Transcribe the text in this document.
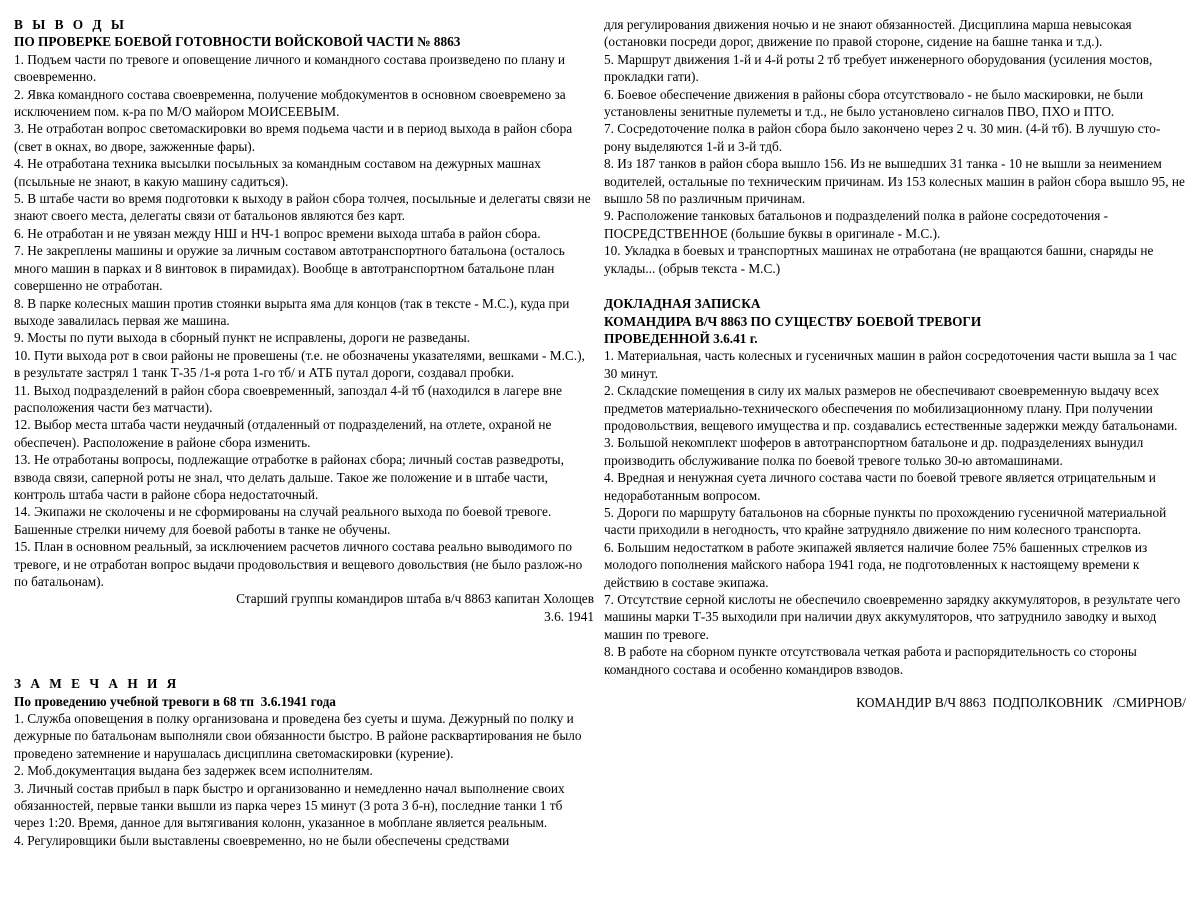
В Ы В О Д Ы
ПО ПРОВЕРКЕ БОЕВОЙ ГОТОВНОСТИ ВОЙСКОВОЙ ЧАСТИ № 8863

1. Подъем части по тревоге и оповещение личного и командного состава произведено по плану и своевременно.

2. Явка командного состава своевременна, получение мобдокументов в основном своевремено за исключением пом. к-ра по М/О майором МОИСЕЕВЫМ.

3. Не отработан вопрос светомаскировки во время подьема части и в период выхода в район сбора (свет в окнах, во дворе, зажженные фары).

4. Не отработана техника высылки посыльных за командным составом на дежурных машнах (псыльные не знают, в какую машину садиться).

5. В штабе части во время подготовки к выходу в район сбора толчея, посыльные и делегаты связи не знают своего места, делегаты связи от батальонов являются без карт.

6. Не отработан и не увязан между НШ и НЧ-1 вопрос времени выхода штаба в район сбора.

7. Не закреплены машины и оружие за личным составом автотранспортного батальона (осталось много машин в парках и 8 винтовок в пирамидах). Вообще в автотранспортном батальоне план совершенно не отработан.

8. В парке колесных машин против стоянки вырыта яма для концов (так в тексте - М.С.), куда при выходе завалилась первая же машина.

9. Мосты по пути выхода в сборный пункт не исправлены, дороги не разведаны.

10. Пути выхода рот в свои районы не провешены (т.е. не обозначены указателями, вешками - М.С.), в результате застрял 1 танк Т-35 /1-я рота 1-го тб/ и АТБ путал дороги, создавал пробки.

11. Выход подразделений в район сбора своевременный, запоздал 4-й тб (находился в лагере вне расположения части без матчасти).

12. Выбор места штаба части неудачный (отдаленный от подразделений, на отлете, охраной не обеспечен). Расположение в районе сбора изменить.

13. Не отработаны вопросы, подлежащие отработке в районах сбора; личный состав разведроты, взвода связи, саперной роты не знал, что делать дальше. Такое же положение и в штабе части, контроль штаба части в районе сбора недостаточный.

14. Экипажи не сколочены и не сформированы на случай реального выхода по боевой тревоге. Башенные стрелки ничему для боевой работы в танке не обучены.

15. План в основном реальный, за исключением расчетов личного состава реально выводимого по тревоге, и не отработан вопрос выдачи продовольствия и вещевого довольствия (не было разлож-но по батальонам).

Старший группы командиров штаба в/ч 8863 капитан Холощев

3.6. 1941

З А М Е Ч А Н И Я
По проведению учебной тревоги в 68 тп  3.6.1941 года

1. Служба оповещения в полку организована и проведена без суеты и шума. Дежурный по полку и дежурные по батальонам выполняли свои обязанности быстро. В районе расквартирования не было проведено затемнение и нарушалась дисциплина светомаскировки (курение).

2. Моб.документация выдана без задержек всем исполнителям.

3. Личный состав прибыл в парк быстро и организованно и немедленно начал выполнение своих обязанностей, первые танки вышли из парка через 15 минут (3 рота 3 б-н), последние танки 1 тб через 1:20. Время, данное для вытягивания колонн, указанное в мобплане является реальным.

4. Регулировщики были выставлены своевременно, но не были обеспечены средствами

для регулирования движения ночью и не знают обязанностей. Дисциплина марша невысокая (остановки посреди дорог, движение по правой стороне, сидение на башне танка и т.д.).

5. Маршрут движения 1-й и 4-й роты 2 тб требует инженерного оборудования (усиления мостов, прокладки гати).

6. Боевое обеспечение движения в районы сбора отсутствовало - не было маскировки, не были установлены зенитные пулеметы и т.д., не было установлено сигналов ПВО, ПХО и ПТО.

7. Сосредоточение полка в район сбора было закончено через 2 ч. 30 мин. (4-й тб). В лучшую сто-рону выделяются 1-й и 3-й тдб.

8. Из 187 танков в район сбора вышло 156. Из не вышедших 31 танка - 10 не вышли за неимением водителей, остальные по техническим причинам. Из 153 колесных машин в район сбора вышло 95, не вышло 58 по различным причинам.

9. Расположение танковых батальонов и подразделений полка в районе сосредоточения - ПОСРЕДСТВЕННОЕ (большие буквы в оригинале - М.С.).

10. Укладка в боевых и транспортных машинах не отработана (не вращаются башни, снаряды не уклады... (обрыв текста - М.С.)

ДОКЛАДНАЯ ЗАПИСКА
КОМАНДИРА В/Ч 8863 ПО СУЩЕСТВУ БОЕВОЙ ТРЕВОГИ
ПРОВЕДЕННОЙ 3.6.41 г.

1. Материальная, часть колесных и гусеничных машин в район сосредоточения части вышла за 1 час 30 минут.

2. Складские помещения в силу их малых размеров не обеспечивают своевременную выдачу всех предметов материально-технического обеспечения по мобилизационному плану. При получении продовольствия, вещевого имущества и пр. создавались естественные задержки между батальонами.

3. Большой некомплект шоферов в автотранспортном батальоне и др. подразделениях вынудил производить обслуживание полка по боевой тревоге только 30-ю автомашинами.

4. Вредная и ненужная суета личного состава части по боевой тревоге является отрицательным и недоработанным вопросом.

5. Дороги по маршруту батальонов на сборные пункты по прохождению гусеничной материальной части приходили в негодность, что крайне затрудняло движение по ним колесного транспорта.

6. Большим недостатком в работе экипажей является наличие более 75% башенных стрелков из молодого пополнения майского набора 1941 года, не подготовленных к настоящему времени к действию в составе экипажа.

7. Отсутствие серной кислоты не обеспечило своевременно зарядку аккумуляторов, в результате чего машины марки Т-35 выходили при наличии двух аккумуляторов, что затруднило заводку и выход машин по тревоге.

8. В работе на сборном пункте отсутствовала четкая работа и распорядительность со стороны командного состава и особенно командиров взводов.

КОМАНДИР В/Ч 8863  ПОДПОЛКОВНИК   /СМИРНОВ/
